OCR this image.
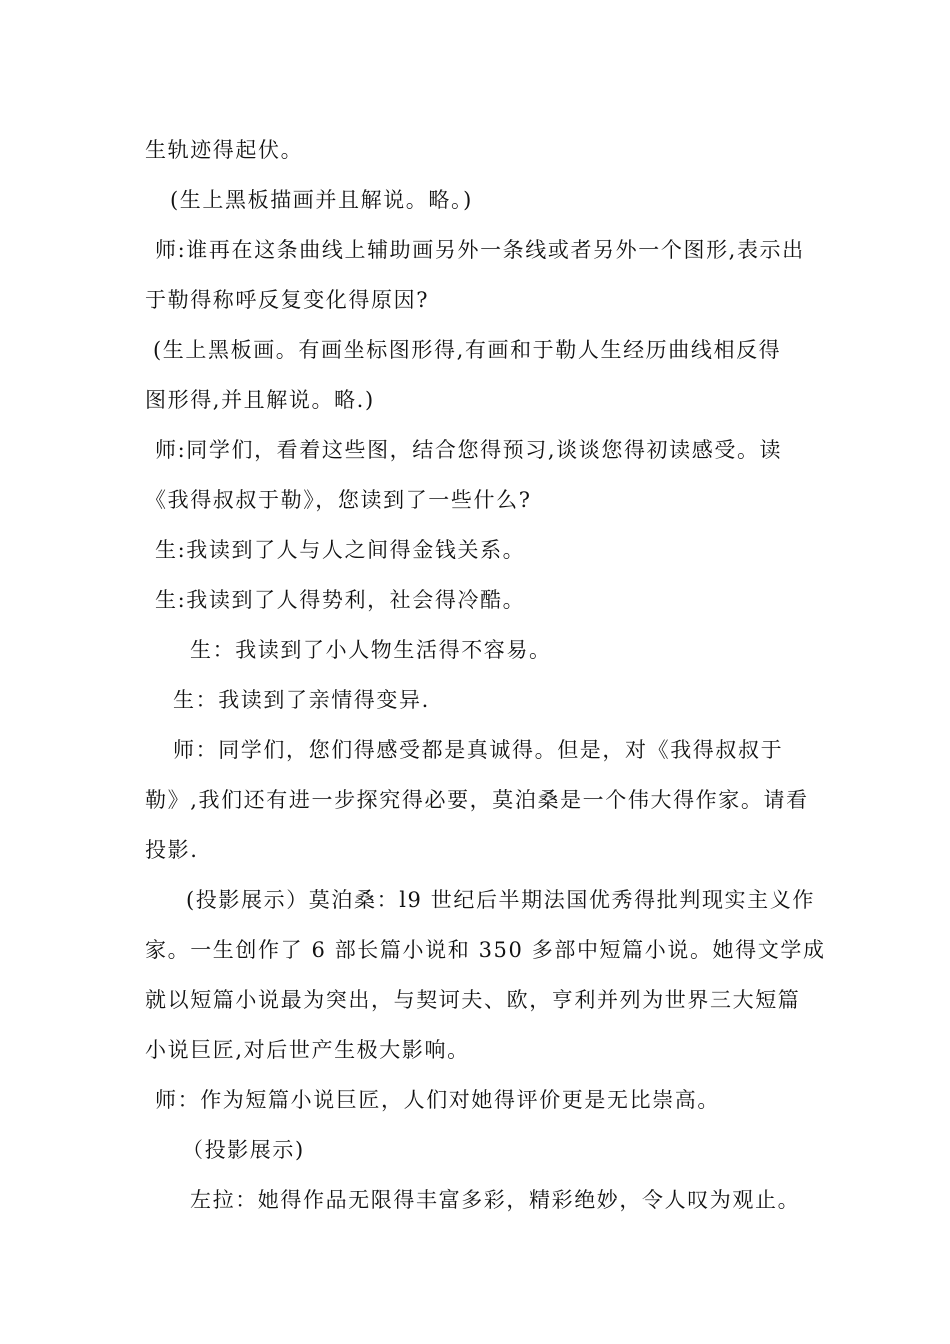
生轨迹得起伏。
(生上黑板描画并且解说。略。)
师:谁再在这条曲线上辅助画另外一条线或者另外一个图形,表示出
于勒得称呼反复变化得原因?
(生上黑板画。有画坐标图形得,有画和于勒人生经历曲线相反得
图形得,并且解说。略.)
师:同学们，看着这些图，结合您得预习,谈谈您得初读感受。读
《我得叔叔于勒》，您读到了一些什么?
生:我读到了人与人之间得金钱关系。
生:我读到了人得势利，社会得冷酷。
生：我读到了小人物生活得不容易。
生：我读到了亲情得变异.
师：同学们，您们得感受都是真诚得。但是，对《我得叔叔于
勒》,我们还有进一步探究得必要，莫泊桑是一个伟大得作家。请看
投影.
(投影展示）莫泊桑：l9 世纪后半期法国优秀得批判现实主义作
家。一生创作了 6 部长篇小说和 350 多部中短篇小说。她得文学成
就以短篇小说最为突出，与契诃夫、欧，亨利并列为世界三大短篇
小说巨匠,对后世产生极大影响。
师：作为短篇小说巨匠，人们对她得评价更是无比崇高。
（投影展示)
左拉：她得作品无限得丰富多彩，精彩绝妙，令人叹为观止。
